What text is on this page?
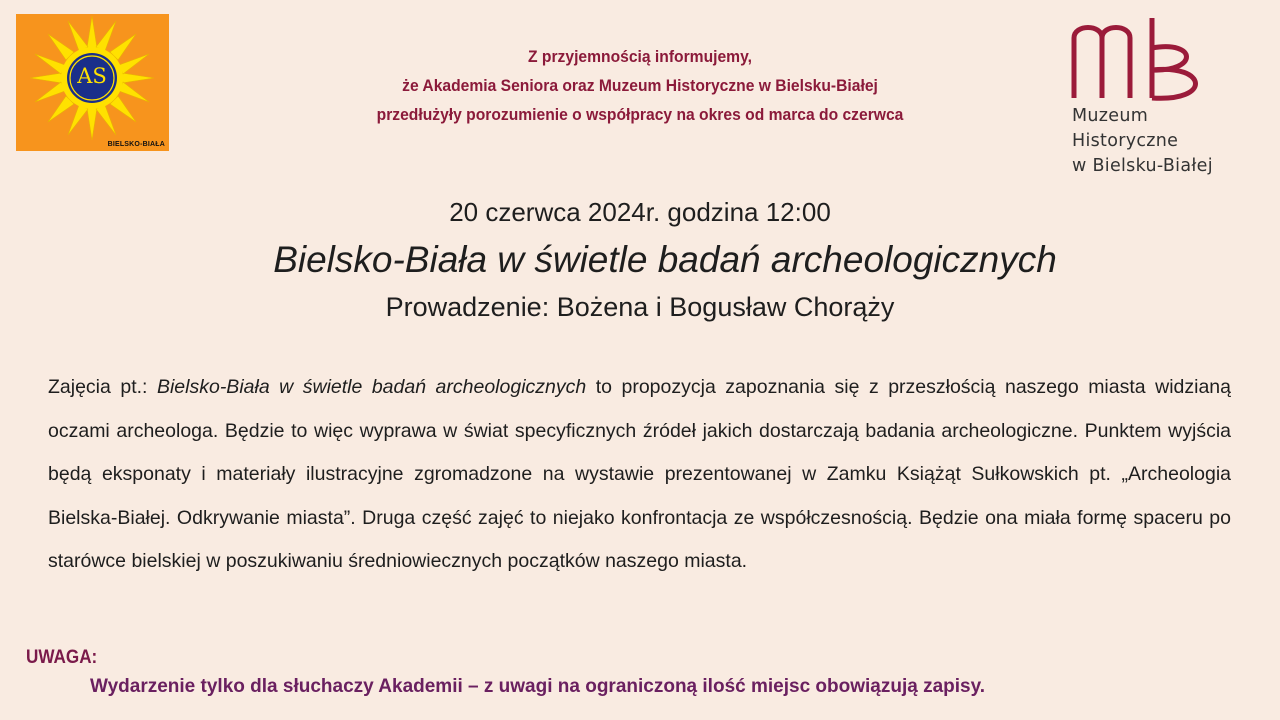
AS
BIELSKO-BIAŁA
Z przyjemnością informujemy,
że Akademia Seniora oraz Muzeum Historyczne w Bielsku-Białej
przedłużyły porozumienie o współpracy na okres od marca do czerwca	Muzeum
Historyczne
w Bielsku-Białej
20 czerwca 2024r. godzina 12:00
Bielsko-Biała w świetle badań archeologicznych
Prowadzenie: Bożena i Bogusław Chorąży
Zajęcia pt.: Bielsko-Biała w świetle badań archeologicznych to propozycja zapoznania się z przeszłością naszego miasta widzianą oczami archeologa. Będzie to więc wyprawa w świat specyficznych źródeł jakich dostarczają badania archeologiczne. Punktem wyjścia będą eksponaty i materiały ilustracyjne zgromadzone na wystawie prezentowanej w Zamku Książąt Sułkowskich pt. „Archeologia Bielska-Białej. Odkrywanie miasta”. Druga część zajęć to niejako konfrontacja ze współczesnością. Będzie ona miała formę spaceru po starówce bielskiej w poszukiwaniu średniowiecznych początków naszego miasta.
UWAGA:
Wydarzenie tylko dla słuchaczy Akademii – z uwagi na ograniczoną ilość miejsc obowiązują zapisy.
